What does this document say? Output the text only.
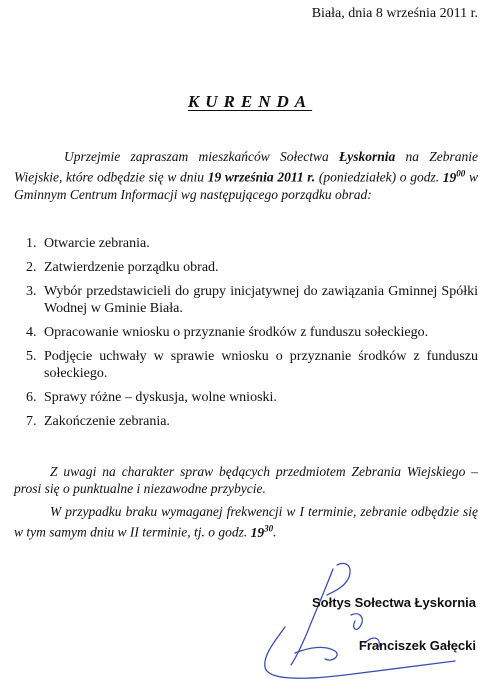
Biała, dnia 8 września 2011 r.
KURENDA

Uprzejmie zapraszam mieszkańców Sołectwa Łyskornia na Zebranie Wiejskie, które odbędzie się w dniu 19 września 2011 r. (poniedziałek) o godz. $19^{00}$ w Gminnym Centrum Informacji wg następującego porządku obrad:

1. Otwarcie zebrania.
2. Zatwierdzenie porządku obrad.
3. Wybór przedstawicieli do grupy inicjatywnej do zawiązania Gminnej Spółki Wodnej w Gminie Biała.
4. Opracowanie wniosku o przyznanie środków z funduszu sołeckiego.
5. Podjęcie uchwały w sprawie wniosku o przyznanie środków z funduszu sołeckiego.
6. Sprawy różne – dyskusja, wolne wnioski.
7. Zakończenie zebrania.

Z uwagi na charakter spraw będących przedmiotem Zebrania Wiejskiego – prosi się o punktualne i niezawodne przybycie.

W przypadku braku wymaganej frekwencji w I terminie, zebranie odbędzie się w tym samym dniu w II terminie, tj. o godz. $19^{30}$.

Sołtys Sołectwa Łyskornia
Franciszek Gałęcki
